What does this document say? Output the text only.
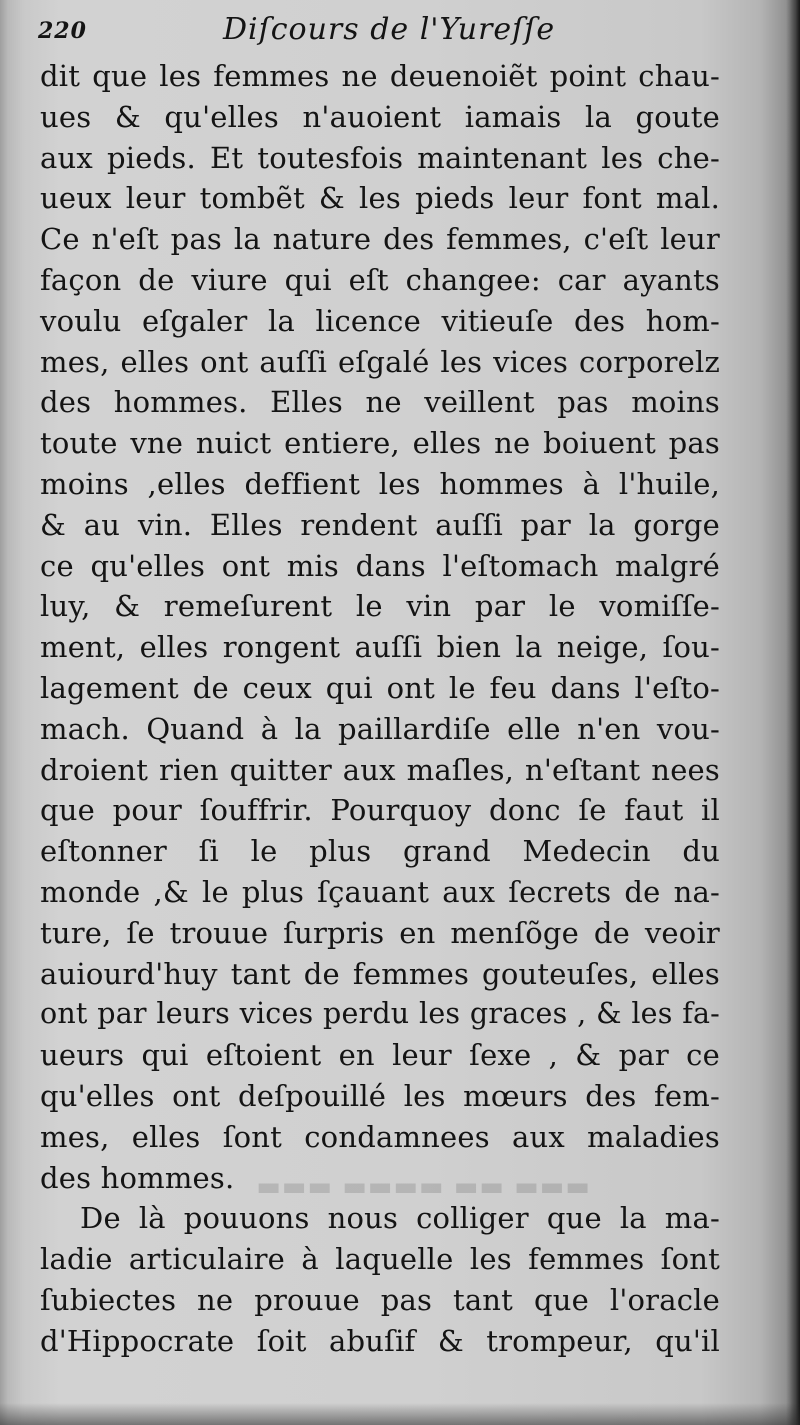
▬▬▬ ▬▬ ▬▬▬▬ ▬▬▬
220	Diſcours de l'Yureſſe
dit que les femmes ne deuenoiẽt point chau-
ues & qu'elles n'auoient iamais la goute
aux pieds. Et toutesfois maintenant les che-
ueux leur tombẽt & les pieds leur font mal.
Ce n'eſt pas la nature des femmes, c'eſt leur
façon de viure qui eſt changee: car ayants
voulu eſgaler la licence vitieuſe des hom-
mes, elles ont auſſi eſgalé les vices corporelz
des hommes. Elles ne veillent pas moins
toute vne nuict entiere, elles ne boiuent pas
moins ,elles deffient les hommes à l'huile,
& au vin. Elles rendent auſſi par la gorge
ce qu'elles ont mis dans l'eſtomach malgré
luy, & remeſurent le vin par le vomiſſe-
ment, elles rongent auſſi bien la neige, ſou-
lagement de ceux qui ont le feu dans l'eſto-
mach. Quand à la paillardiſe elle n'en vou-
droient rien quitter aux maſles, n'eſtant nees
que pour ſouffrir. Pourquoy donc ſe faut il
eſtonner ſi le plus grand Medecin du
monde ,& le plus ſçauant aux ſecrets de na-
ture, ſe trouue ſurpris en menſõge de veoir
auiourd'huy tant de femmes gouteuſes, elles
ont par leurs vices perdu les graces , & les fa-
ueurs qui eſtoient en leur ſexe , & par ce
qu'elles ont deſpouillé les mœurs des fem-
mes, elles ſont condamnees aux maladies
des hommes.
De là pouuons nous colliger que la ma-
ladie articulaire à laquelle les femmes ſont
ſubiectes ne prouue pas tant que l'oracle
d'Hippocrate ſoit abuſif & trompeur, qu'il
